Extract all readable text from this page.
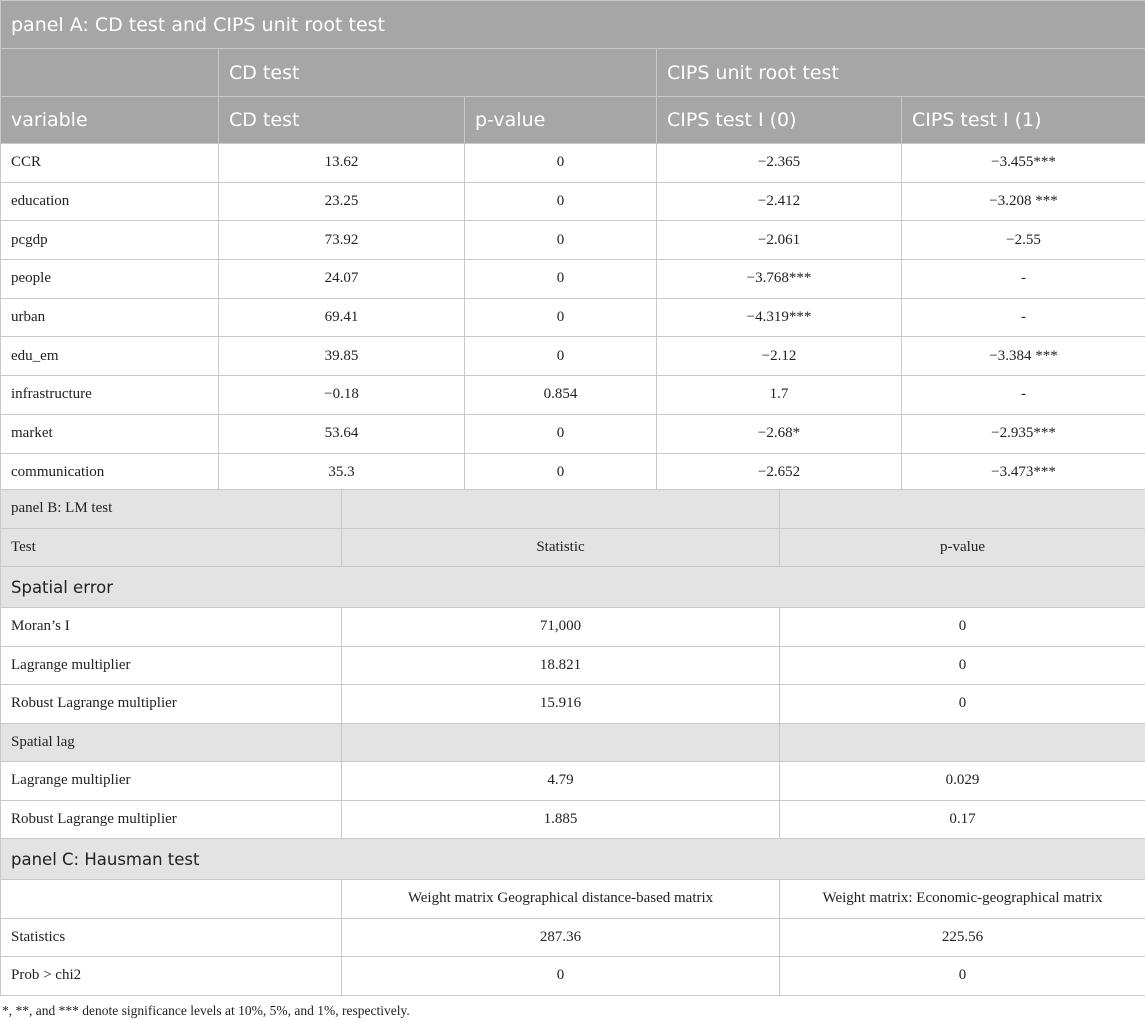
panel A: CD test and CIPS unit root test				
	CD test		CIPS unit root test	
variable	CD test	p-value	CIPS test I (0)	CIPS test I (1)
CCR	13.62	0	−2.365	−3.455***
education	23.25	0	−2.412	−3.208 ***
pcgdp	73.92	0	−2.061	−2.55
people	24.07	0	−3.768***	-
urban	69.41	0	−4.319***	-
edu_em	39.85	0	−2.12	−3.384 ***
infrastructure	−0.18	0.854	1.7	-
market	53.64	0	−2.68*	−2.935***
communication	35.3	0	−2.652	−3.473***
panel B: LM test		
Test	Statistic	p-value
Spatial error		
Moran’s I	71,000	0
Lagrange multiplier	18.821	0
Robust Lagrange multiplier	15.916	0
Spatial lag		
Lagrange multiplier	4.79	0.029
Robust Lagrange multiplier	1.885	0.17
panel C: Hausman test		
	Weight matrix Geographical distance-based matrix	Weight matrix: Economic-geographical matrix
Statistics	287.36	225.56
Prob > chi2	0	0

*, **, and *** denote significance levels at 10%, 5%, and 1%, respectively.
